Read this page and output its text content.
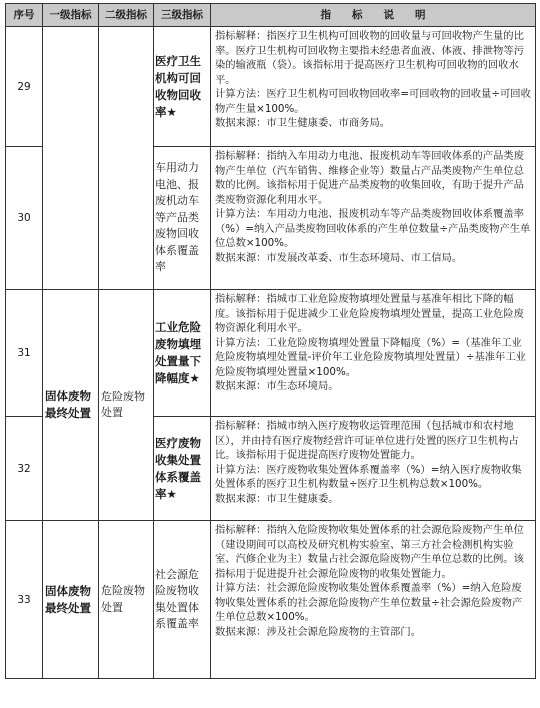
序号	一级指标	二级指标	三级指标	指　　标　　说　　明
29			医疗卫生机构可回收物回收率★	指标解释：指医疗卫生机构可回收物的回收量与可回收物产生量的比率。医疗卫生机构可回收物主要指未经患者血液、体液、排泄物等污染的输液瓶（袋）。该指标用于提高医疗卫生机构可回收物的回收水平。
计算方法：医疗卫生机构可回收物回收率=可回收物的回收量÷可回收物产生量×100%。
数据来源：市卫生健康委、市商务局。

30			车用动力电池、报废机动车等产品类废物回收体系覆盖率	指标解释：指纳入车用动力电池、报废机动车等回收体系的产品类废物产生单位（汽车销售、维修企业等）数量占产品类废物产生单位总数的比例。该指标用于促进产品类废物的收集回收，有助于提升产品类废物资源化利用水平。
计算方法：车用动力电池、报废机动车等产品类废物回收体系覆盖率（%）=纳入产品类废物回收体系的产生单位数量÷产品类废物产生单位总数×100%。
数据来源：市发展改革委、市生态环境局、市工信局。

31	固体废物最终处置	危险废物处置	工业危险废物填埋处置量下降幅度★	指标解释：指城市工业危险废物填埋处置量与基准年相比下降的幅度。该指标用于促进减少工业危险废物填埋处置量，提高工业危险废物资源化利用水平。
计算方法：工业危险废物填埋处置量下降幅度（%）=（基准年工业危险废物填埋处置量-评价年工业危险废物填埋处置量）÷基准年工业危险废物填埋处置量×100%。
数据来源：市生态环境局。

32			医疗废物收集处置体系覆盖率★	指标解释：指城市纳入医疗废物收运管理范围（包括城市和农村地区），并由持有医疗废物经营许可证单位进行处置的医疗卫生机构占比。该指标用于促进提高医疗废物处置能力。
计算方法：医疗废物收集处置体系覆盖率（%）=纳入医疗废物收集处置体系的医疗卫生机构数量÷医疗卫生机构总数×100%。
数据来源：市卫生健康委。

33	固体废物最终处置	危险废物处置	社会源危险废物收集处置体系覆盖率	指标解释：指纳入危险废物收集处置体系的社会源危险废物产生单位（建设期间可以高校及研究机构实验室、第三方社会检测机构实验室、汽修企业为主）数量占社会源危险废物产生单位总数的比例。该指标用于促进提升社会源危险废物的收集处置能力。
计算方法：社会源危险废物收集处置体系覆盖率（%）=纳入危险废物收集处置体系的社会源危险废物产生单位数量÷社会源危险废物产生单位总数×100%。
数据来源：涉及社会源危险废物的主管部门。
